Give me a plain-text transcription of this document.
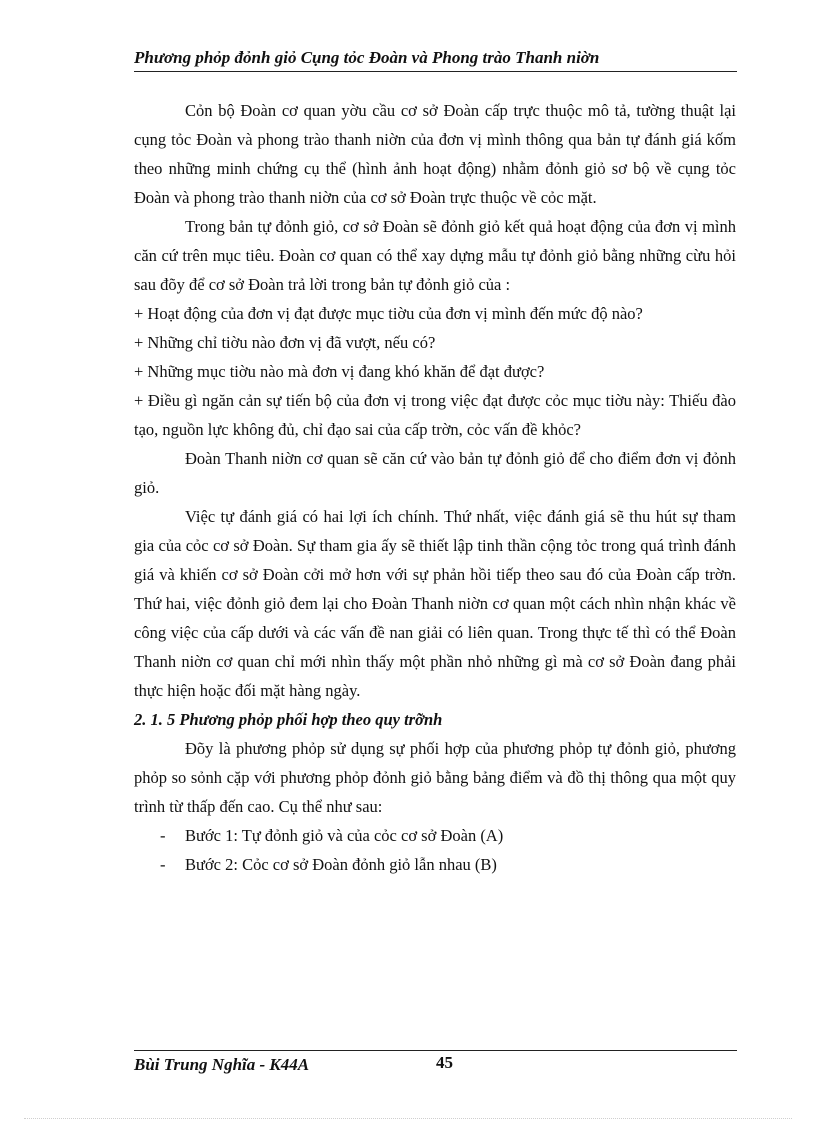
Phương phỏp đỏnh giỏ Cụng tỏc Đoàn và Phong trào Thanh niờn

Cỏn bộ Đoàn cơ quan yờu cầu cơ sở Đoàn cấp trực thuộc mô tả, tường thuật lại cụng tỏc Đoàn và phong trào thanh niờn của đơn vị mình thông qua bản tự đánh giá kốm theo những minh chứng cụ thể (hình ảnh hoạt động) nhằm đỏnh giỏ sơ bộ về cụng tỏc Đoàn và phong trào thanh niờn của cơ sở Đoàn trực thuộc về cỏc mặt.

Trong bản tự đỏnh giỏ, cơ sở Đoàn sẽ đỏnh giỏ kết quả hoạt động của đơn vị mình căn cứ trên mục tiêu. Đoàn cơ quan có thể xay dựng mẫu tự đỏnh giỏ bằng những cừu hỏi sau đõy để cơ sở Đoàn trả lời trong bản tự đỏnh giỏ của :

+ Hoạt động của đơn vị đạt được mục tiờu của đơn vị mình đến mức độ nào?

+ Những chỉ tiờu nào đơn vị đã vượt, nếu có?

+ Những mục tiờu nào mà đơn vị đang khó khăn để đạt được?

+ Điều gì ngăn cản sự tiến bộ của đơn vị trong việc đạt được cỏc mục tiờu này: Thiếu đào tạo, nguồn lực không đủ, chỉ đạo sai của cấp trờn, cỏc vấn đề khỏc?

Đoàn Thanh niờn cơ quan sẽ căn cứ vào bản tự đỏnh giỏ để cho điểm đơn vị đỏnh giỏ.

Việc tự đánh giá có hai lợi ích chính. Thứ nhất, việc đánh giá sẽ thu hút sự tham gia của cỏc cơ sở Đoàn. Sự tham gia ấy sẽ thiết lập tinh thần cộng tỏc trong quá trình đánh giá và khiến cơ sở Đoàn cởi mở hơn với sự phản hồi tiếp theo sau đó của Đoàn cấp trờn. Thứ hai, việc đỏnh giỏ đem lại cho Đoàn Thanh niờn cơ quan một cách nhìn nhận khác về công việc của cấp dưới và các vấn đề nan giải có liên quan. Trong thực tế thì có thể Đoàn Thanh niờn cơ quan chỉ mới nhìn thấy một phần nhỏ những gì mà cơ sở Đoàn đang phải thực hiện hoặc đối mặt hàng ngày.

2. 1. 5 Phương phỏp phối hợp theo quy trỡnh

Đõy là phương phỏp sử dụng sự phối hợp của phương phỏp tự đỏnh giỏ, phương phỏp so sỏnh cặp với phương phỏp đỏnh giỏ bằng bảng điểm và đồ thị thông qua một quy trình từ thấp đến cao. Cụ thể như sau:

- Bước 1: Tự đỏnh giỏ và của cỏc cơ sở Đoàn (A)
- Bước 2: Cỏc cơ sở Đoàn đỏnh giỏ lẫn nhau (B)
Bùi Trung Nghĩa - K44A	45
